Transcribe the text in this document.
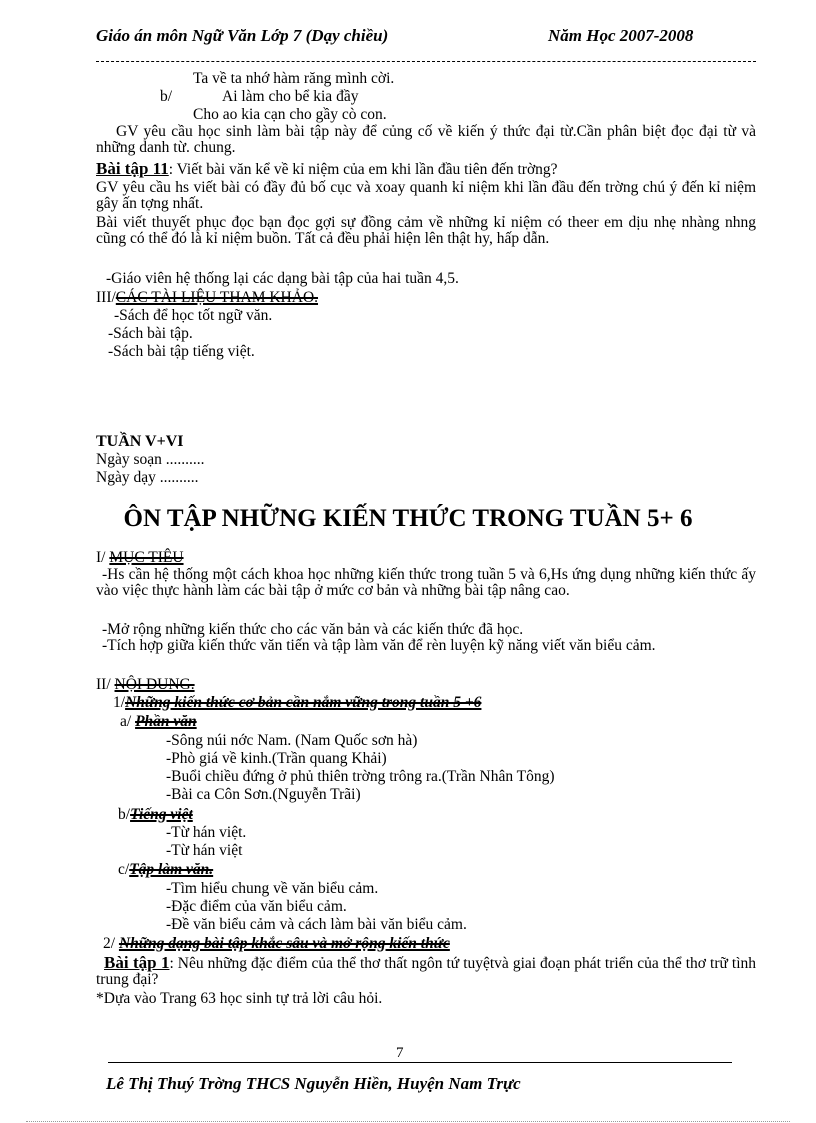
Giáo án môn Ngữ Văn Lớp 7 (Dạy chiều)	Năm Học 2007-2008
Ta về ta nhớ hàm răng mình cời.
b/	Ai làm cho bể kia đầy
Cho ao kia cạn cho gầy cò con.
GV yêu cầu học sinh làm bài tập này để củng cố về kiến ý thức đại từ.Cần phân biệt đọc đại từ và những danh từ. chung.
Bài tập 11: Viết bài văn kể về kỉ niệm của em khi lần đầu tiên đến trờng?
GV yêu cầu hs viết bài có đầy đủ bố cục và xoay quanh kỉ niệm khi lần đầu đến trờng chú ý đến kỉ niệm gây ấn tợng nhất.
Bài viết thuyết phục đọc bạn đọc gợi sự đồng cảm về những kỉ niệm có theer em dịu nhẹ nhàng nhng cũng có thể đó là kỉ niệm buồn. Tất cả đều phải hiện lên thật hy, hấp dẫn.
-Giáo viên hệ thống lại các dạng bài tập của hai tuần 4,5.
III/CÁC TÀI LIỆU THAM KHẢO.
-Sách để học tốt ngữ văn.
-Sách bài tập.
-Sách bài tập tiếng việt.
TUẦN V+VI
Ngày soạn ..........
Ngày dạy ..........
ÔN TẬP NHỮNG KIẾN THỨC TRONG TUẦN 5+ 6
I/ MỤC TIÊU
-Hs cần hệ thống một cách khoa học những kiến thức trong tuần 5 và 6,Hs ứng dụng những kiến thức ấy vào việc thực hành làm các bài tập ở mức cơ bản và những bài tập nâng cao.
-Mở rộng những kiến thức cho các văn bản và các kiến thức đã học.
-Tích hợp giữa kiến thức văn tiến và tập làm văn để rèn luyện kỹ năng viết văn biểu cảm.
II/ NỘI DUNG.
1/Những kiến thức cơ bản cần nắm vững trong tuần 5 +6
a/ Phần văn
-Sông núi nớc Nam. (Nam Quốc sơn hà)
-Phò giá về kinh.(Trần quang Khải)
-Buổi chiều đứng ở phủ thiên trờng trông ra.(Trần Nhân Tông)
-Bài ca Côn Sơn.(Nguyễn Trãi)
b/Tiếng việt
-Từ hán việt.
-Từ hán việt
c/Tập làm văn.
-Tìm hiểu chung về văn biểu cảm.
-Đặc điểm của văn biểu cảm.
-Đề văn biểu cảm và cách làm bài văn biểu cảm.
2/ Những dạng bài tập khắc sâu và mở rộng kiến thức
Bài tập 1: Nêu những đặc điểm của thể thơ thất ngôn tứ tuyệtvà giai đoạn phát triển của thể thơ trữ tình trung đại?
*Dựa vào Trang 63 học sinh tự trả lời câu hỏi.
7
Lê Thị Thuý Trờng THCS Nguyễn Hiền, Huyện Nam Trực
